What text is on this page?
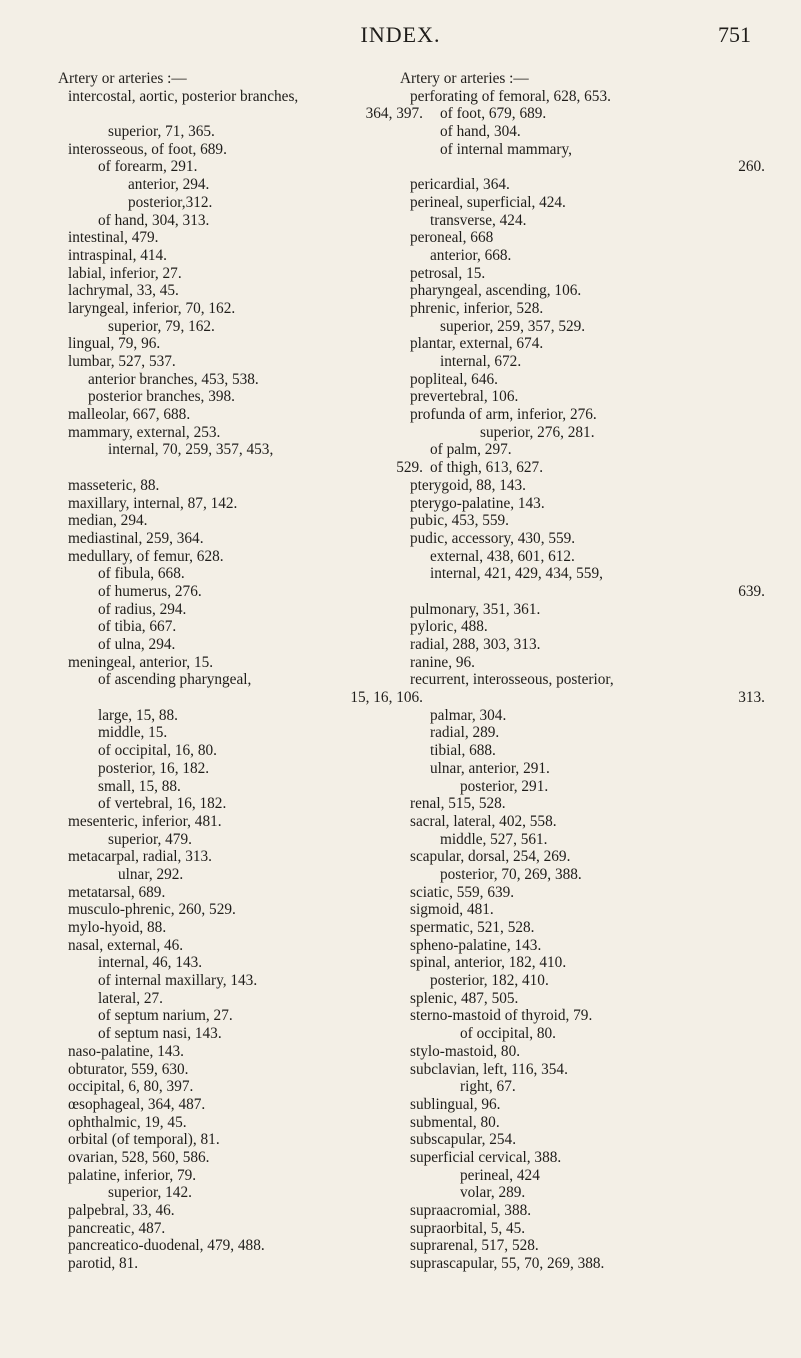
INDEX.	751
Artery or arteries :—
intercostal, aortic, posterior branches,
364, 397.
superior, 71, 365.
interosseous, of foot, 689.
of forearm, 291.
anterior, 294.
posterior,312.
of hand, 304, 313.
intestinal, 479.
intraspinal, 414.
labial, inferior, 27.
lachrymal, 33, 45.
laryngeal, inferior, 70, 162.
superior, 79, 162.
lingual, 79, 96.
lumbar, 527, 537.
anterior branches, 453, 538.
posterior branches, 398.
malleolar, 667, 688.
mammary, external, 253.
internal, 70, 259, 357, 453,
529.
masseteric, 88.
maxillary, internal, 87, 142.
median, 294.
mediastinal, 259, 364.
medullary, of femur, 628.
of fibula, 668.
of humerus, 276.
of radius, 294.
of tibia, 667.
of ulna, 294.
meningeal, anterior, 15.
of ascending pharyngeal,
15, 16, 106.
large, 15, 88.
middle, 15.
of occipital, 16, 80.
posterior, 16, 182.
small, 15, 88.
of vertebral, 16, 182.
mesenteric, inferior, 481.
superior, 479.
metacarpal, radial, 313.
ulnar, 292.
metatarsal, 689.
musculo-phrenic, 260, 529.
mylo-hyoid, 88.
nasal, external, 46.
internal, 46, 143.
of internal maxillary, 143.
lateral, 27.
of septum narium, 27.
of septum nasi, 143.
naso-palatine, 143.
obturator, 559, 630.
occipital, 6, 80, 397.
œsophageal, 364, 487.
ophthalmic, 19, 45.
orbital (of temporal), 81.
ovarian, 528, 560, 586.
palatine, inferior, 79.
superior, 142.
palpebral, 33, 46.
pancreatic, 487.
pancreatico-duodenal, 479, 488.
parotid, 81.
Artery or arteries :—
perforating of femoral, 628, 653.
of foot, 679, 689.
of hand, 304.
of internal mammary,
260.
pericardial, 364.
perineal, superficial, 424.
transverse, 424.
peroneal, 668
anterior, 668.
petrosal, 15.
pharyngeal, ascending, 106.
phrenic, inferior, 528.
superior, 259, 357, 529.
plantar, external, 674.
internal, 672.
popliteal, 646.
prevertebral, 106.
profunda of arm, inferior, 276.
superior, 276, 281.
of palm, 297.
of thigh, 613, 627.
pterygoid, 88, 143.
pterygo-palatine, 143.
pubic, 453, 559.
pudic, accessory, 430, 559.
external, 438, 601, 612.
internal, 421, 429, 434, 559,
639.
pulmonary, 351, 361.
pyloric, 488.
radial, 288, 303, 313.
ranine, 96.
recurrent, interosseous, posterior,
313.
palmar, 304.
radial, 289.
tibial, 688.
ulnar, anterior, 291.
posterior, 291.
renal, 515, 528.
sacral, lateral, 402, 558.
middle, 527, 561.
scapular, dorsal, 254, 269.
posterior, 70, 269, 388.
sciatic, 559, 639.
sigmoid, 481.
spermatic, 521, 528.
spheno-palatine, 143.
spinal, anterior, 182, 410.
posterior, 182, 410.
splenic, 487, 505.
sterno-mastoid of thyroid, 79.
of occipital, 80.
stylo-mastoid, 80.
subclavian, left, 116, 354.
right, 67.
sublingual, 96.
submental, 80.
subscapular, 254.
superficial cervical, 388.
perineal, 424
volar, 289.
supraacromial, 388.
supraorbital, 5, 45.
suprarenal, 517, 528.
suprascapular, 55, 70, 269, 388.
